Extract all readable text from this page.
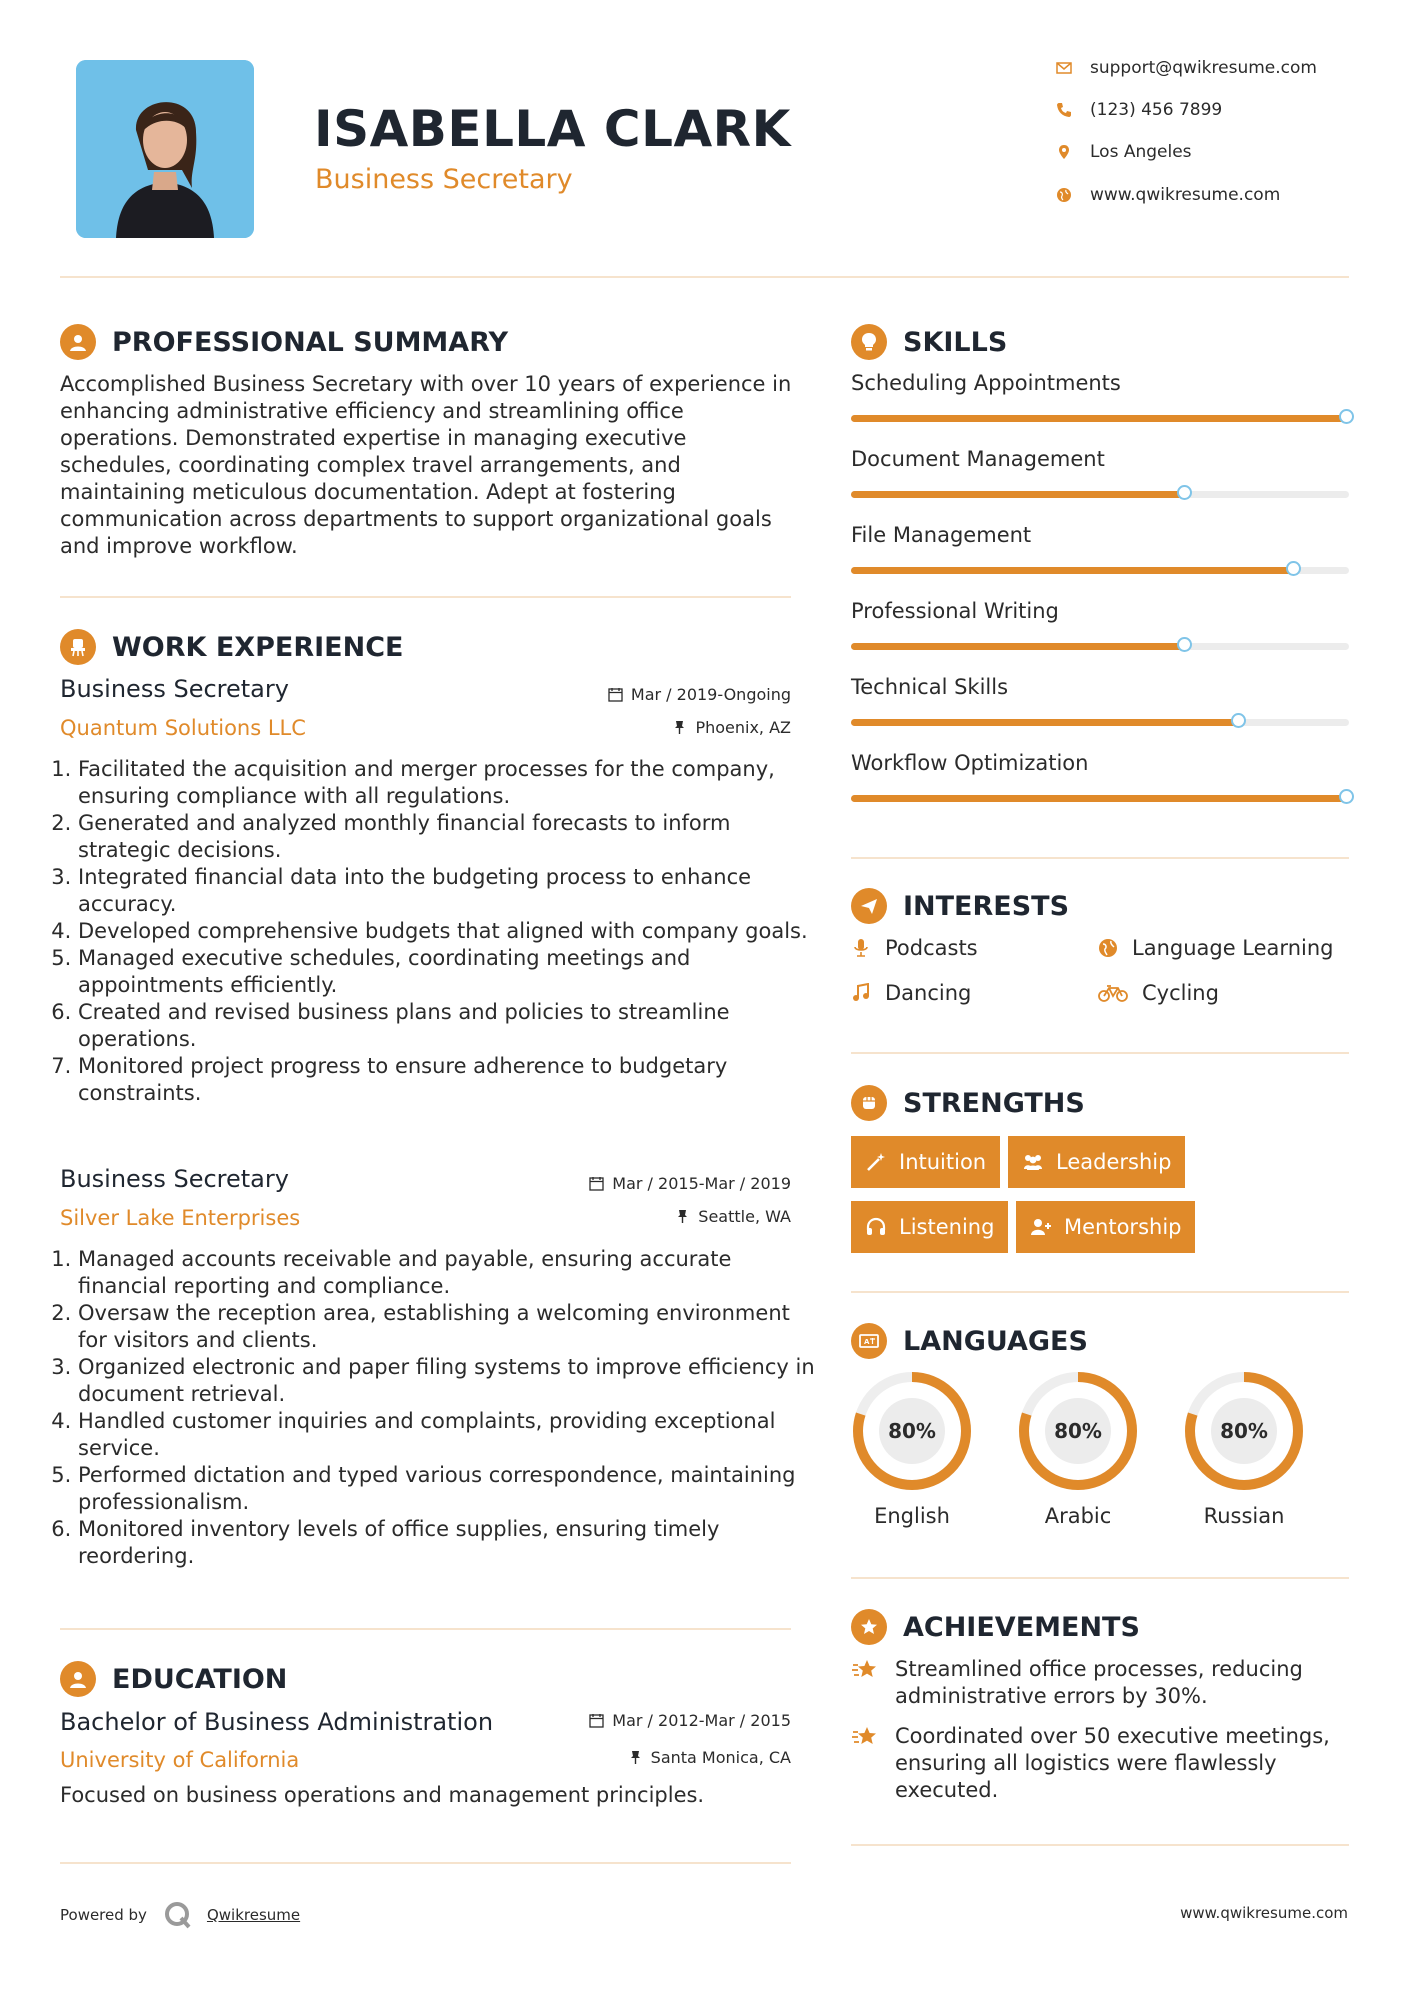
ISABELLA CLARK
Business Secretary
support@qwikresume.com
(123) 456 7899
Los Angeles
www.qwikresume.com
PROFESSIONAL SUMMARY
Accomplished Business Secretary with over 10 years of experience in
enhancing administrative efficiency and streamlining office
operations. Demonstrated expertise in managing executive
schedules, coordinating complex travel arrangements, and
maintaining meticulous documentation. Adept at fostering
communication across departments to support organizational goals
and improve workflow.
WORK EXPERIENCE
Business Secretary
Quantum Solutions LLC
Mar / 2019-Ongoing
Phoenix, AZ
1. Facilitated the acquisition and merger processes for the company, ensuring compliance with all regulations.
2. Generated and analyzed monthly financial forecasts to inform strategic decisions.
3. Integrated financial data into the budgeting process to enhance accuracy.
4. Developed comprehensive budgets that aligned with company goals.
5. Managed executive schedules, coordinating meetings and appointments efficiently.
6. Created and revised business plans and policies to streamline operations.
7. Monitored project progress to ensure adherence to budgetary constraints.
Business Secretary
Silver Lake Enterprises
Mar / 2015-Mar / 2019
Seattle, WA
1. Managed accounts receivable and payable, ensuring accurate financial reporting and compliance.
2. Oversaw the reception area, establishing a welcoming environment for visitors and clients.
3. Organized electronic and paper filing systems to improve efficiency in document retrieval.
4. Handled customer inquiries and complaints, providing exceptional service.
5. Performed dictation and typed various correspondence, maintaining professionalism.
6. Monitored inventory levels of office supplies, ensuring timely reordering.
EDUCATION
Bachelor of Business Administration
University of California
Mar / 2012-Mar / 2015
Santa Monica, CA
Focused on business operations and management principles.
SKILLS
Scheduling Appointments
Document Management
File Management
Professional Writing
Technical Skills
Workflow Optimization
INTERESTS
Podcasts	Language Learning
Dancing	Cycling
STRENGTHS
Intuition	Leadership
Listening	Mentorship
A LANGUAGES
80%
English
80%
Arabic
80%
Russian
ACHIEVEMENTS
Streamlined office processes, reducing administrative errors by 30%.
Coordinated over 50 executive meetings, ensuring all logistics were flawlessly executed.
Powered by	Qwikresume	www.qwikresume.com
